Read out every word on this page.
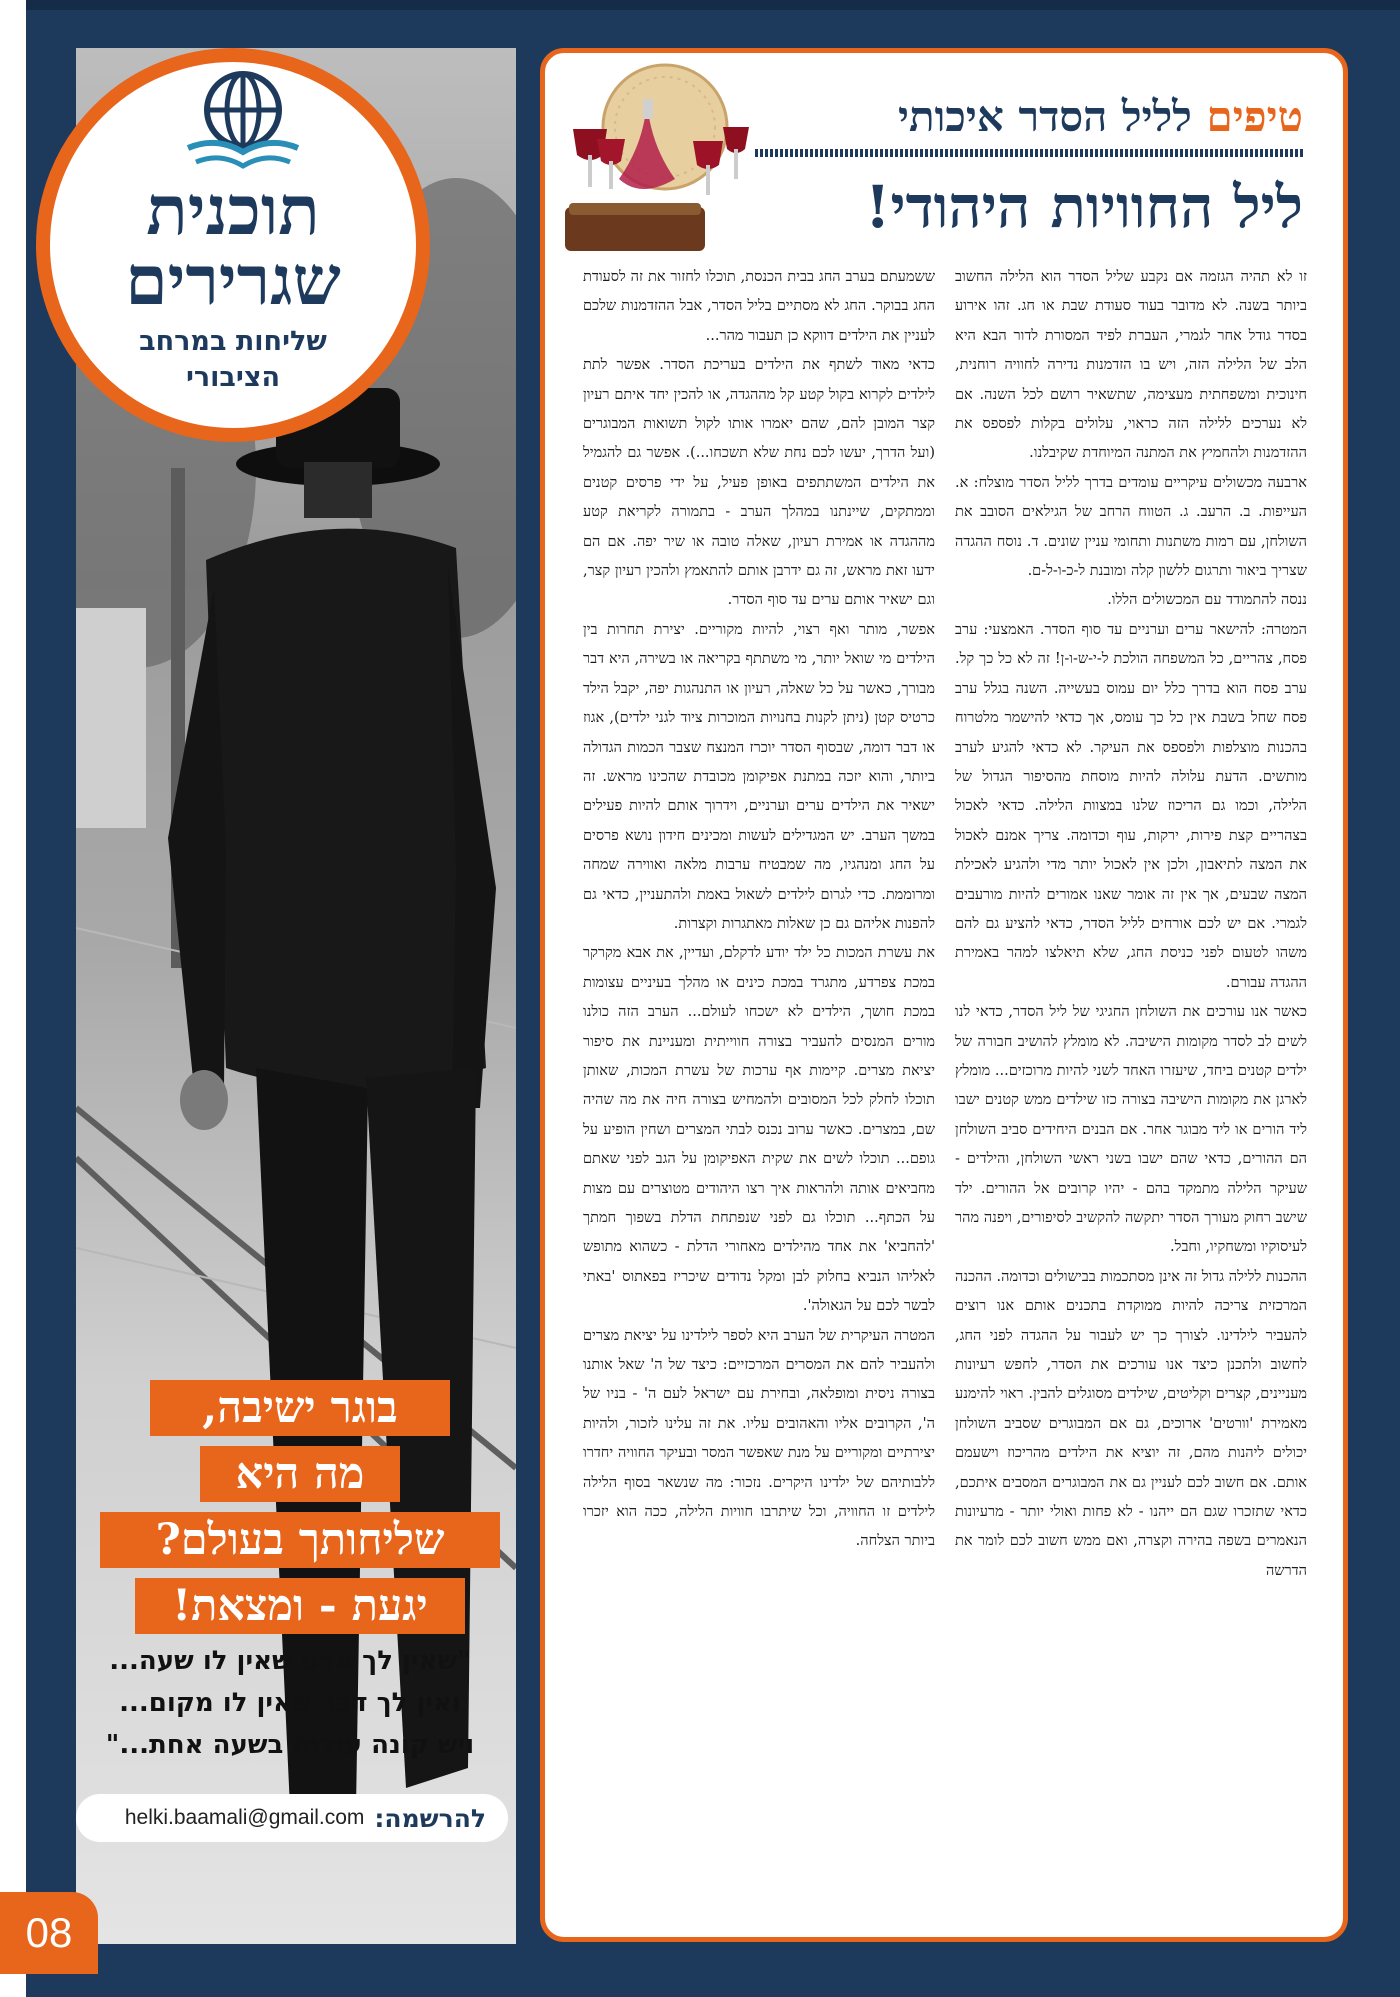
תוכנית
שגרירים
שליחות במרחב הציבורי
בוגר ישיבה,
מה היא
שליחותך בעולם?
יגעת - ומצאת!
"שאין לך אדם שאין לו שעה...
ואין לך דבר שאין לו מקום...
ויש קונה עולמו בשעה אחת..."
להרשמה:
helki.baamali@gmail.com
08
טיפים לליל הסדר איכותי
ליל החוויות היהודי!

זו לא תהיה הגזמה אם נקבע שליל הסדר הוא הלילה החשוב ביותר בשנה. לא מדובר בעוד סעודת שבת או חג. זהו אירוע בסדר גודל אחר לגמרי, העברת לפיד המסורת לדור הבא היא הלב של הלילה הזה, ויש בו הזדמנות נדירה לחוויה רוחנית, חינוכית ומשפחתית מעצימה, שתשאיר רושם לכל השנה. אם לא נערכים ללילה הזה כראוי, עלולים בקלות לפספס את ההזדמנות ולהחמיץ את המתנה המיוחדת שקיבלנו.

ארבעה מכשולים עיקריים עומדים בדרך לליל הסדר מוצלח: א. העייפות. ב. הרעב. ג. הטווח הרחב של הגילאים הסובב את השולחן, עם רמות משתנות ותחומי עניין שונים. ד. נוסח ההגדה שצריך ביאור ותרגום ללשון קלה ומובנת ל-כ-ו-ל-ם.

ננסה להתמודד עם המכשולים הללו.

המטרה: להישאר ערים וערניים עד סוף הסדר. האמצעי: ערב פסח, צהריים, כל המשפחה הולכת ל-י-ש-ו-ן! זה לא כל כך קל. ערב פסח הוא בדרך כלל יום עמוס בעשייה. השנה בגלל ערב פסח שחל בשבת אין כל כך עומס, אך כדאי להישמר מלטרוח בהכנות מוצלפות ולפספס את העיקר. לא כדאי להגיע לערב מותשים. הדעת עלולה להיות מוסחת מהסיפור הגדול של הלילה, וכמו גם הריכוז שלנו במצוות הלילה. כדאי לאכול בצהריים קצת פירות, ירקות, עוף וכדומה. צריך אמנם לאכול את המצה לתיאבון, ולכן אין לאכול יותר מדי ולהגיע לאכילת המצה שבעים, אך אין זה אומר שאנו אמורים להיות מורעבים לגמרי. אם יש לכם אורחים לליל הסדר, כדאי להציע גם להם משהו לטעום לפני כניסת החג, שלא תיאלצו למהר באמירת ההגדה עבורם.

כאשר אנו עורכים את השולחן החגיגי של ליל הסדר, כדאי לנו לשים לב לסדר מקומות הישיבה. לא מומלץ להושיב חבורה של ילדים קטנים ביחד, שיעזרו האחד לשני להיות מרוכזים... מומלץ לארגן את מקומות הישיבה בצורה כזו שילדים ממש קטנים ישבו ליד הורים או ליד מבוגר אחר. אם הבנים היחידים סביב השולחן הם ההורים, כדאי שהם ישבו בשני ראשי השולחן, והילדים - שעיקר הלילה מתמקד בהם - יהיו קרובים אל ההורים. ילד שישב רחוק מעורך הסדר יתקשה להקשיב לסיפורים, ויפנה מהר לעיסוקיו ומשחקיו, וחבל.

ההכנות ללילה גדול זה אינן מסתכמות בבישולים וכדומה. ההכנה המרכזית צריכה להיות ממוקדת בתכנים אותם אנו רוצים להעביר לילדינו. לצורך כך יש לעבור על ההגדה לפני החג, לחשוב ולתכנן כיצד אנו עורכים את הסדר, לחפש רעיונות מעניינים, קצרים וקליטים, שילדים מסוגלים להבין. ראוי להימנע מאמירת 'וורטים' ארוכים, גם אם המבוגרים שסביב השולחן יכולים ליהנות מהם, זה יוציא את הילדים מהריכוז וישעמם אותם. אם חשוב לכם לעניין גם את המבוגרים המסבים איתכם, כדאי שתזכרו שגם הם ייהנו - לא פחות ואולי יותר - מרעיונות הנאמרים בשפה בהירה וקצרה, ואם ממש חשוב לכם לומר את הדרשה

ששמעתם בערב החג בבית הכנסת, תוכלו לחזור את זה לסעודת החג בבוקר. החג לא מסתיים בליל הסדר, אבל ההזדמנות שלכם לעניין את הילדים דווקא כן תעבור מהר...

כדאי מאוד לשתף את הילדים בעריכת הסדר. אפשר לתת לילדים לקרוא בקול קטע קל מההגדה, או להכין יחד איתם רעיון קצר המובן להם, שהם יאמרו אותו לקול תשואות המבוגרים (ועל הדרך, יעשו לכם נחת שלא תשכחו...). אפשר גם להגמיל את הילדים המשתתפים באופן פעיל, על ידי פרסים קטנים וממתקים, שיינתנו במהלך הערב - בתמורה לקריאת קטע מההגדה או אמירת רעיון, שאלה טובה או שיר יפה. אם הם ידעו זאת מראש, זה גם ידרבן אותם להתאמץ ולהכין רעיון קצר, וגם ישאיר אותם ערים עד סוף הסדר.

אפשר, מותר ואף רצוי, להיות מקוריים. יצירת תחרות בין הילדים מי שואל יותר, מי משתתף בקריאה או בשירה, היא דבר מבורך, כאשר על כל שאלה, רעיון או התנהגות יפה, יקבל הילד כרטיס קטן (ניתן לקנות בחנויות המוכרות ציוד לגני ילדים), אגוז או דבר דומה, שבסוף הסדר יוכרז המנצח שצבר הכמות הגדולה ביותר, והוא יזכה במתנת אפיקומן מכובדת שהכינו מראש. זה ישאיר את הילדים ערים וערניים, וידרוך אותם להיות פעילים במשך הערב. יש המגדילים לעשות ומכינים חידון נושא פרסים על החג ומנהגיו, מה שמבטיח ערבות מלאה ואווירה שמחה ומרוממת. כדי לגרום לילדים לשאול באמת ולהתעניין, כדאי גם להפנות אליהם גם כן שאלות מאתגרות וקצרות.

את עשרת המכות כל ילד יודע לדקלם, ועדיין, את אבא מקרקר במכת צפרדע, מתגרד במכת כינים או מהלך בעיניים עצומות במכת חושך, הילדים לא ישכחו לעולם... הערב הזה כולנו מורים המנסים להעביר בצורה חווייתית ומעניינת את סיפור יציאת מצרים. קיימות אף ערכות של עשרת המכות, שאותן תוכלו לחלק לכל המסובים ולהמחיש בצורה חיה את מה שהיה שם, במצרים. כאשר ערוב נכנס לבתי המצרים ושחין הופיע על גופם... תוכלו לשים את שקית האפיקומן על הגב לפני שאתם מחביאים אותה ולהראות איך רצו היהודים מטוצרים עם מצות על הכתף... תוכלו גם לפני שנפתחת הדלת בשפוך חמתך 'להחביא' את אחד מהילדים מאחורי הדלת - כשהוא מתופש לאליהו הנביא בחלוק לבן ומקל נדודים שיכריז בפאתוס 'באתי לבשר לכם על הגאולה'.

המטרה העיקרית של הערב היא לספר לילדינו על יציאת מצרים ולהעביר להם את המסרים המרכזיים: כיצד של ה' שאל אותנו בצורה ניסית ומופלאה, ובחירת עם ישראל לעם ה' - בניו של ה', הקרובים אליו והאהובים עליו. את זה עלינו לזכור, ולהיות יצירתיים ומקוריים על מנת שאפשר המסר ובעיקר החוויה יחדרו ללבותיהם של ילדינו היקרים. נזכור: מה שנשאר בסוף הלילה לילדים זו החוויה, וכל שיתרבו חוויות הלילה, ככה הוא יזכרו ביותר הצלחה.
